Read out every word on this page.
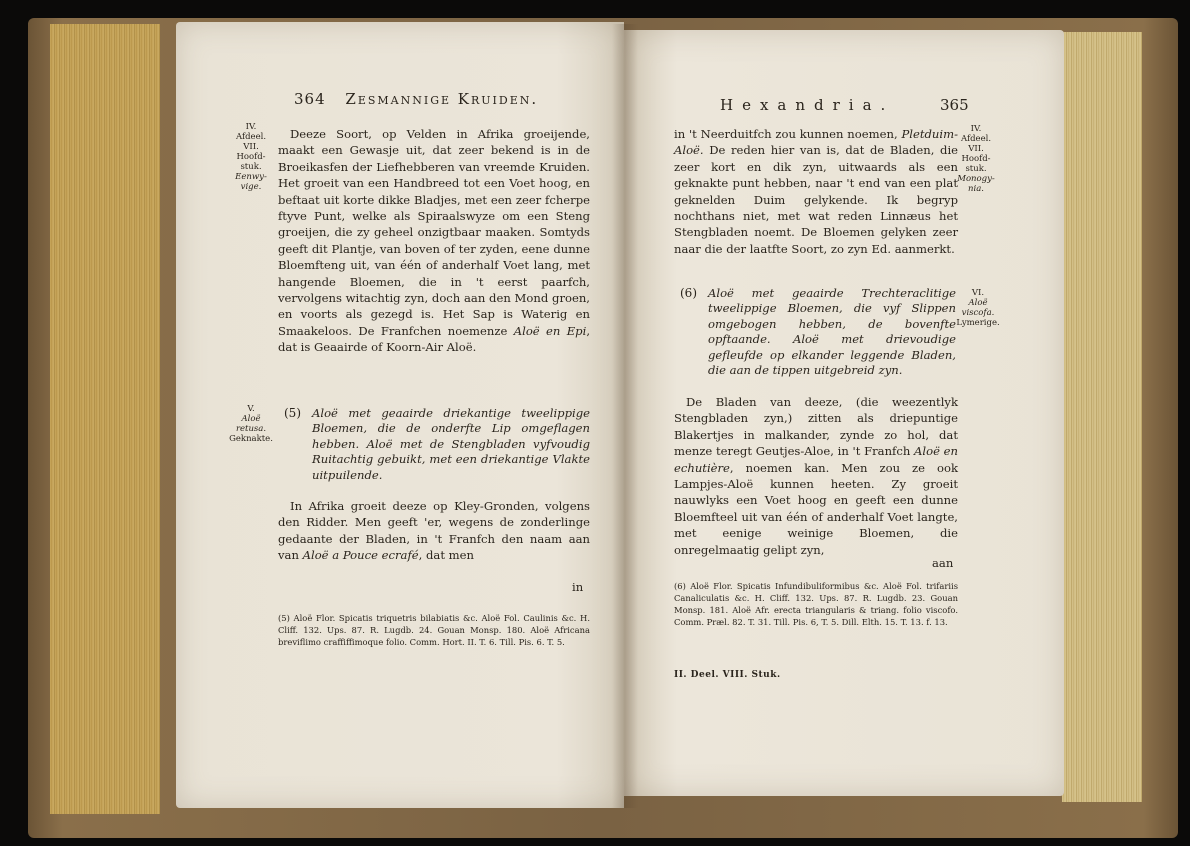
364 Zesmannige Kruiden.
IV.
Afdeel.
VII.
Hoofd-
stuk.
Eenwy-
vige.

Deeze Soort, op Velden in Afrika groeijende, maakt een Gewasje uit, dat zeer bekend is in de Broeikasfen der Liefhebberen van vreemde Kruiden. Het groeit van een Handbreed tot een Voet hoog, en beftaat uit korte dikke Bladjes, met een zeer fcherpe ftyve Punt, welke als Spiraalswyze om een Steng groeijen, die zy geheel onzigtbaar maaken. Somtyds geeft dit Plantje, van boven of ter zyden, eene dunne Bloemfteng uit, van één of anderhalf Voet lang, met hangende Bloemen, die in 't eerst paarfch, vervolgens witachtig zyn, doch aan den Mond groen, en voorts als gezegd is. Het Sap is Waterig en Smaakeloos. De Franfchen noemenze Aloë en Epi, dat is Geaairde of Koorn-Air Aloë.

V.
Aloë
retusa.
Geknakte.
(5) Aloë met geaairde driekantige tweelippige Bloemen, die de onderfte Lip omgeflagen hebben. Aloë met de Stengbladen vyfvoudig Ruitachtig gebuikt, met een driekantige Vlakte uitpuilende.

In Afrika groeit deeze op Kley-Gronden, volgens den Ridder. Men geeft 'er, wegens de zonderlinge gedaante der Bladen, in 't Franfch den naam aan van Aloë a Pouce ecrafé, dat men

in
(5) Aloë Flor. Spicatis triquetris bilabiatis &c. Aloë Fol. Caulinis &c. H. Cliff. 132. Ups. 87. R. Lugdb. 24. Gouan Monsp. 180. Aloë Africana breviflimo craffiffimoque folio. Comm. Hort. II. T. 6. Till. Pis. 6. T. 5.
Hexandria.	365

in 't Neerduitfch zou kunnen noemen, Pletduim-Aloë. De reden hier van is, dat de Bladen, die zeer kort en dik zyn, uitwaards als een geknakte punt hebben, naar 't end van een plat geknelden Duim gelykende. Ik begryp nochthans niet, met wat reden Linnæus het Stengbladen noemt. De Bloemen gelyken zeer naar die der laatfte Soort, zo zyn Ed. aanmerkt.

IV.
Afdeel.
VII.
Hoofd-
stuk.
Monogy-
nia.
(6) Aloë met geaairde Trechteraclitige tweelippige Bloemen, die vyf Slippen omgebogen hebben, de bovenfte opftaande. Aloë met drievoudige gefleufde op elkander leggende Bladen, die aan de tippen uitgebreid zyn.
VI.
Aloë
viscofa.
Lymerige.

De Bladen van deeze, (die weezentlyk Stengbladen zyn,) zitten als driepuntige Blakertjes in malkander, zynde zo hol, dat menze teregt Geutjes-Aloe, in 't Franfch Aloë en echutière, noemen kan. Men zou ze ook Lampjes-Aloë kunnen heeten. Zy groeit nauwlyks een Voet hoog en geeft een dunne Bloemfteel uit van één of anderhalf Voet langte, met eenige weinige Bloemen, die onregelmaatig gelipt zyn,

aan
(6) Aloë Flor. Spicatis Infundibuliformibus &c. Aloë Fol. trifariis Canaliculatis &c. H. Cliff. 132. Ups. 87. R. Lugdb. 23. Gouan Monsp. 181. Aloë Afr. erecta triangularis & triang. folio viscofo. Comm. Præl. 82. T. 31. Till. Pis. 6, T. 5. Dill. Elth. 15. T. 13. f. 13.
II. Deel. VIII. Stuk.
